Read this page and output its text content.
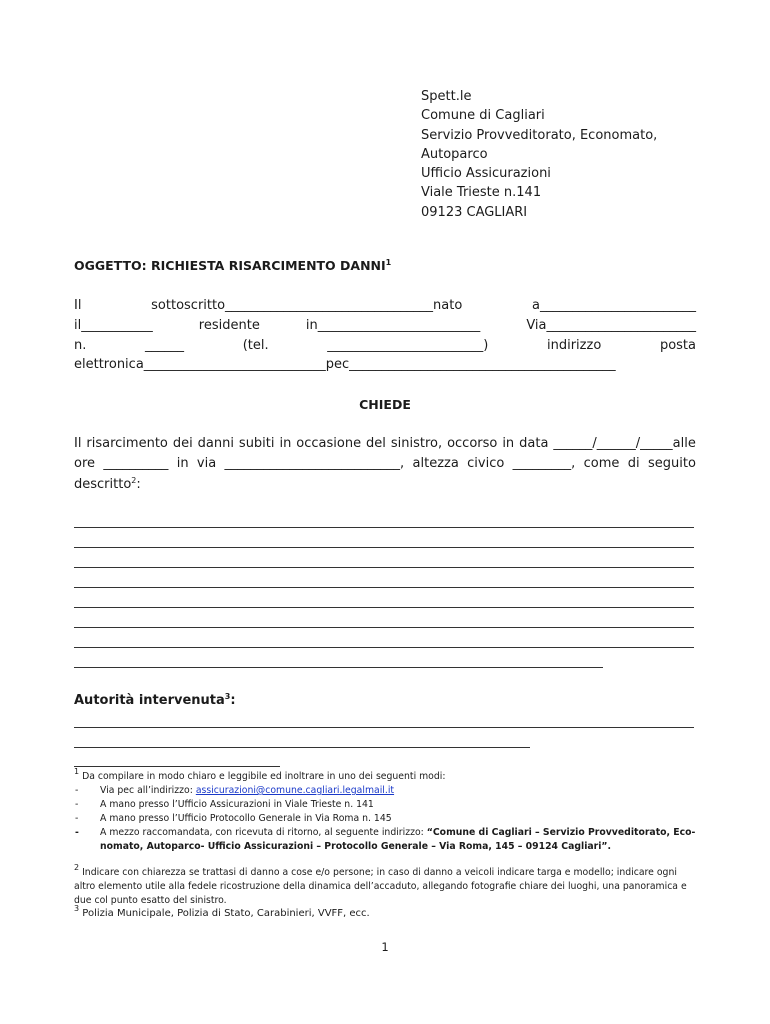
Spett.le
Comune di Cagliari
Servizio Provveditorato, Economato,
Autoparco
Ufficio Assicurazioni
Viale Trieste n.141
09123 CAGLIARI
OGGETTO: RICHIESTA RISARCIMENTO DANNI$^1$
Il	sottoscritto________________________________nato	a________________________
il___________	residente	in_________________________	Via_______________________
n.	______	(tel.	________________________)	indirizzo	posta
elettronica____________________________pec_________________________________________
CHIEDE
Il risarcimento dei danni subiti in occasione del sinistro, occorso in data ______/______/_____alle
ore __________ in via ___________________________, altezza civico _________, come di seguito
descritto$^2$:
Autorità intervenuta$^3$:
$^1$ Da compilare in modo chiaro e leggibile ed inoltrare in uno dei seguenti modi:
-	Via pec all’indirizzo: assicurazioni@comune.cagliari.legalmail.it
-	A mano presso l’Ufficio Assicurazioni in Viale Trieste n. 141
-	A mano presso l’Ufficio Protocollo Generale in Via Roma n. 145
-	A mezzo raccomandata, con ricevuta di ritorno, al seguente indirizzo: “Comune di Cagliari – Servizio Provveditorato, Eco-nomato, Autoparco- Ufficio Assicurazioni – Protocollo Generale – Via Roma, 145 – 09124 Cagliari”.
$^2$ Indicare con chiarezza se trattasi di danno a cose e/o persone; in caso di danno a veicoli indicare targa e modello; indicare ogni altro elemento utile alla fedele ricostruzione della dinamica dell’accaduto, allegando fotografie chiare dei luoghi, una panoramica e due col punto esatto del sinistro.
$^3$ Polizia Municipale, Polizia di Stato, Carabinieri, VVFF, ecc.
1
